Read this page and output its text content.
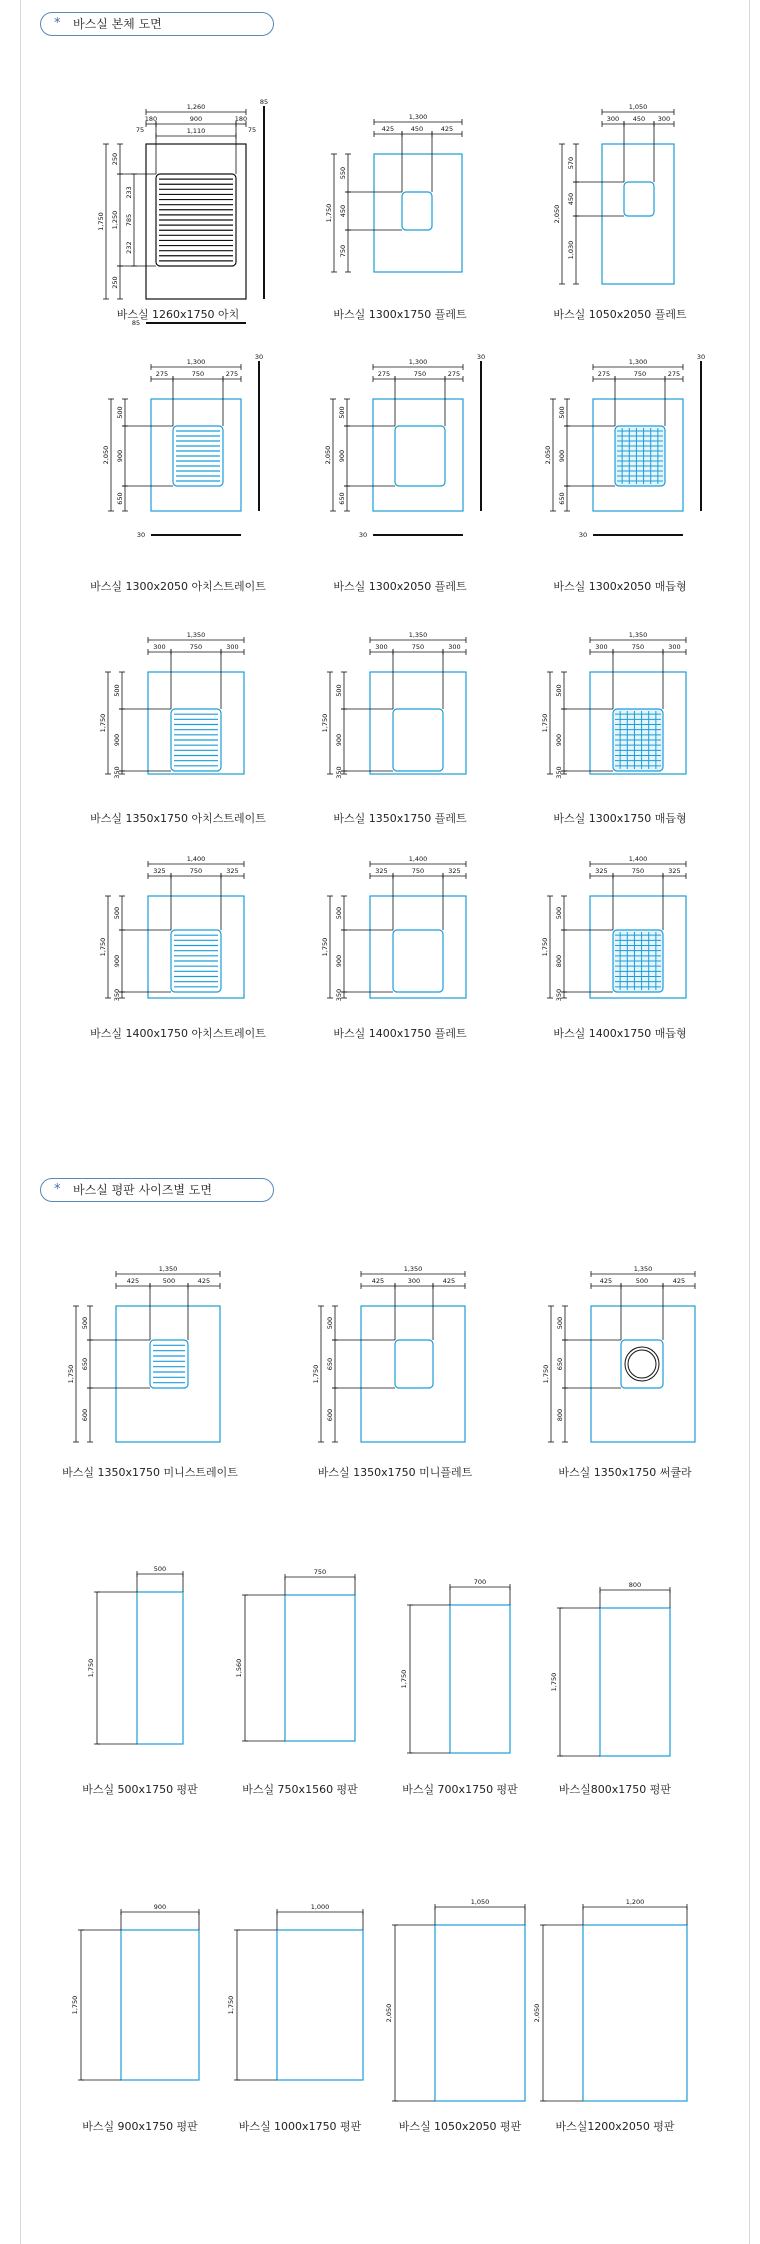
* 바스실 본체 도면
* 바스실 평판 사이즈별 도면
1,260
180	900	180
1,750
250
1,250
250
85
85
1,110	75
75
233
785
232
바스실 1260x1750 아치
1,300
425	450	425
1,750
550
450
750
바스실 1300x1750 플레트
1,050
300 450 300
2,050
570
450
1,030
바스실 1050x2050 플레트
1,300
275	750	275
2,050
500
900
650
30
30
바스실 1300x2050 아치스트레이트
1,300
275	750	275
2,050
500
900
650
30
30
바스실 1300x2050 플레트
1,300
275	750	275
2,050
500
900
650
30
30
바스실 1300x2050 매듭형
1,350
300	750	300
1,750
500
900
350
바스실 1350x1750 아치스트레이트
1,350
300	750	300
1,750
500
900
350
바스실 1350x1750 플레트
1,350
300	750	300
1,750
500
900
350
바스실 1300x1750 매듭형
1,400
325	750	325
1,750
500
900
350
바스실 1400x1750 아치스트레이트
1,400
325	750	325
1,750
500
900
350
바스실 1400x1750 플레트
1,400
325	750	325
1,750
500
800
350
바스실 1400x1750 매듭형
1,350
425	500	425
1,750
500
650
600
바스실 1350x1750 미니스트레이트
1,350
425	300	425
1,750
500
650
600
바스실 1350x1750 미니플레트
1,350
425	500	425
1,750
500
650
800
바스실 1350x1750 써큘라
500
1,750
750
1,560
700
1,750
800
1,750
바스실 500x1750 평판	바스실 750x1560 평판	바스실 700x1750 평판	바스실800x1750 평판
900
1,750
1,000
1,750
1,050
2,050
1,200
2,050
바스실 900x1750 평판	바스실 1000x1750 평판	바스실 1050x2050 평판	바스실1200x2050 평판
